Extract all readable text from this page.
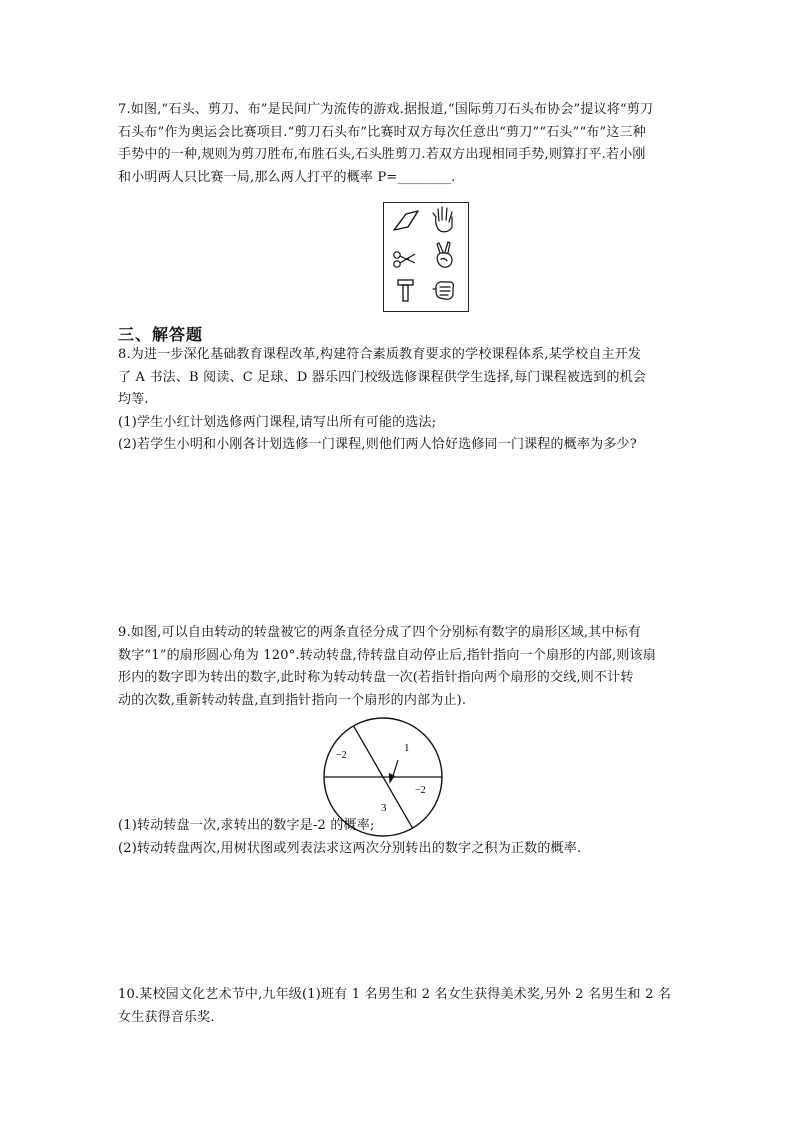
7.如图,“石头、剪刀、布”是民间广为流传的游戏.据报道,“国际剪刀石头布协会”提议将“剪刀
石头布”作为奥运会比赛项目.“剪刀石头布”比赛时双方每次任意出“剪刀”“石头”“布”这三种
手势中的一种,规则为剪刀胜布,布胜石头,石头胜剪刀.若双方出现相同手势,则算打平.若小刚
和小明两人只比赛一局,那么两人打平的概率 P=________.
三、解答题
8.为进一步深化基础教育课程改革,构建符合素质教育要求的学校课程体系,某学校自主开发
了 A 书法、B 阅读、C 足球、D 器乐四门校级选修课程供学生选择,每门课程被选到的机会
均等.
(1)学生小红计划选修两门课程,请写出所有可能的选法;
(2)若学生小明和小刚各计划选修一门课程,则他们两人恰好选修同一门课程的概率为多少?
9.如图,可以自由转动的转盘被它的两条直径分成了四个分别标有数字的扇形区域,其中标有
数字“1”的扇形圆心角为 120°.转动转盘,待转盘自动停止后,指针指向一个扇形的内部,则该扇
形内的数字即为转出的数字,此时称为转动转盘一次(若指针指向两个扇形的交线,则不计转
动的次数,重新转动转盘,直到指针指向一个扇形的内部为止).
1
−2
−2
3
(1)转动转盘一次,求转出的数字是-2 的概率;
(2)转动转盘两次,用树状图或列表法求这两次分别转出的数字之积为正数的概率.
10.某校园文化艺术节中,九年级(1)班有 1 名男生和 2 名女生获得美术奖,另外 2 名男生和 2 名
女生获得音乐奖.
